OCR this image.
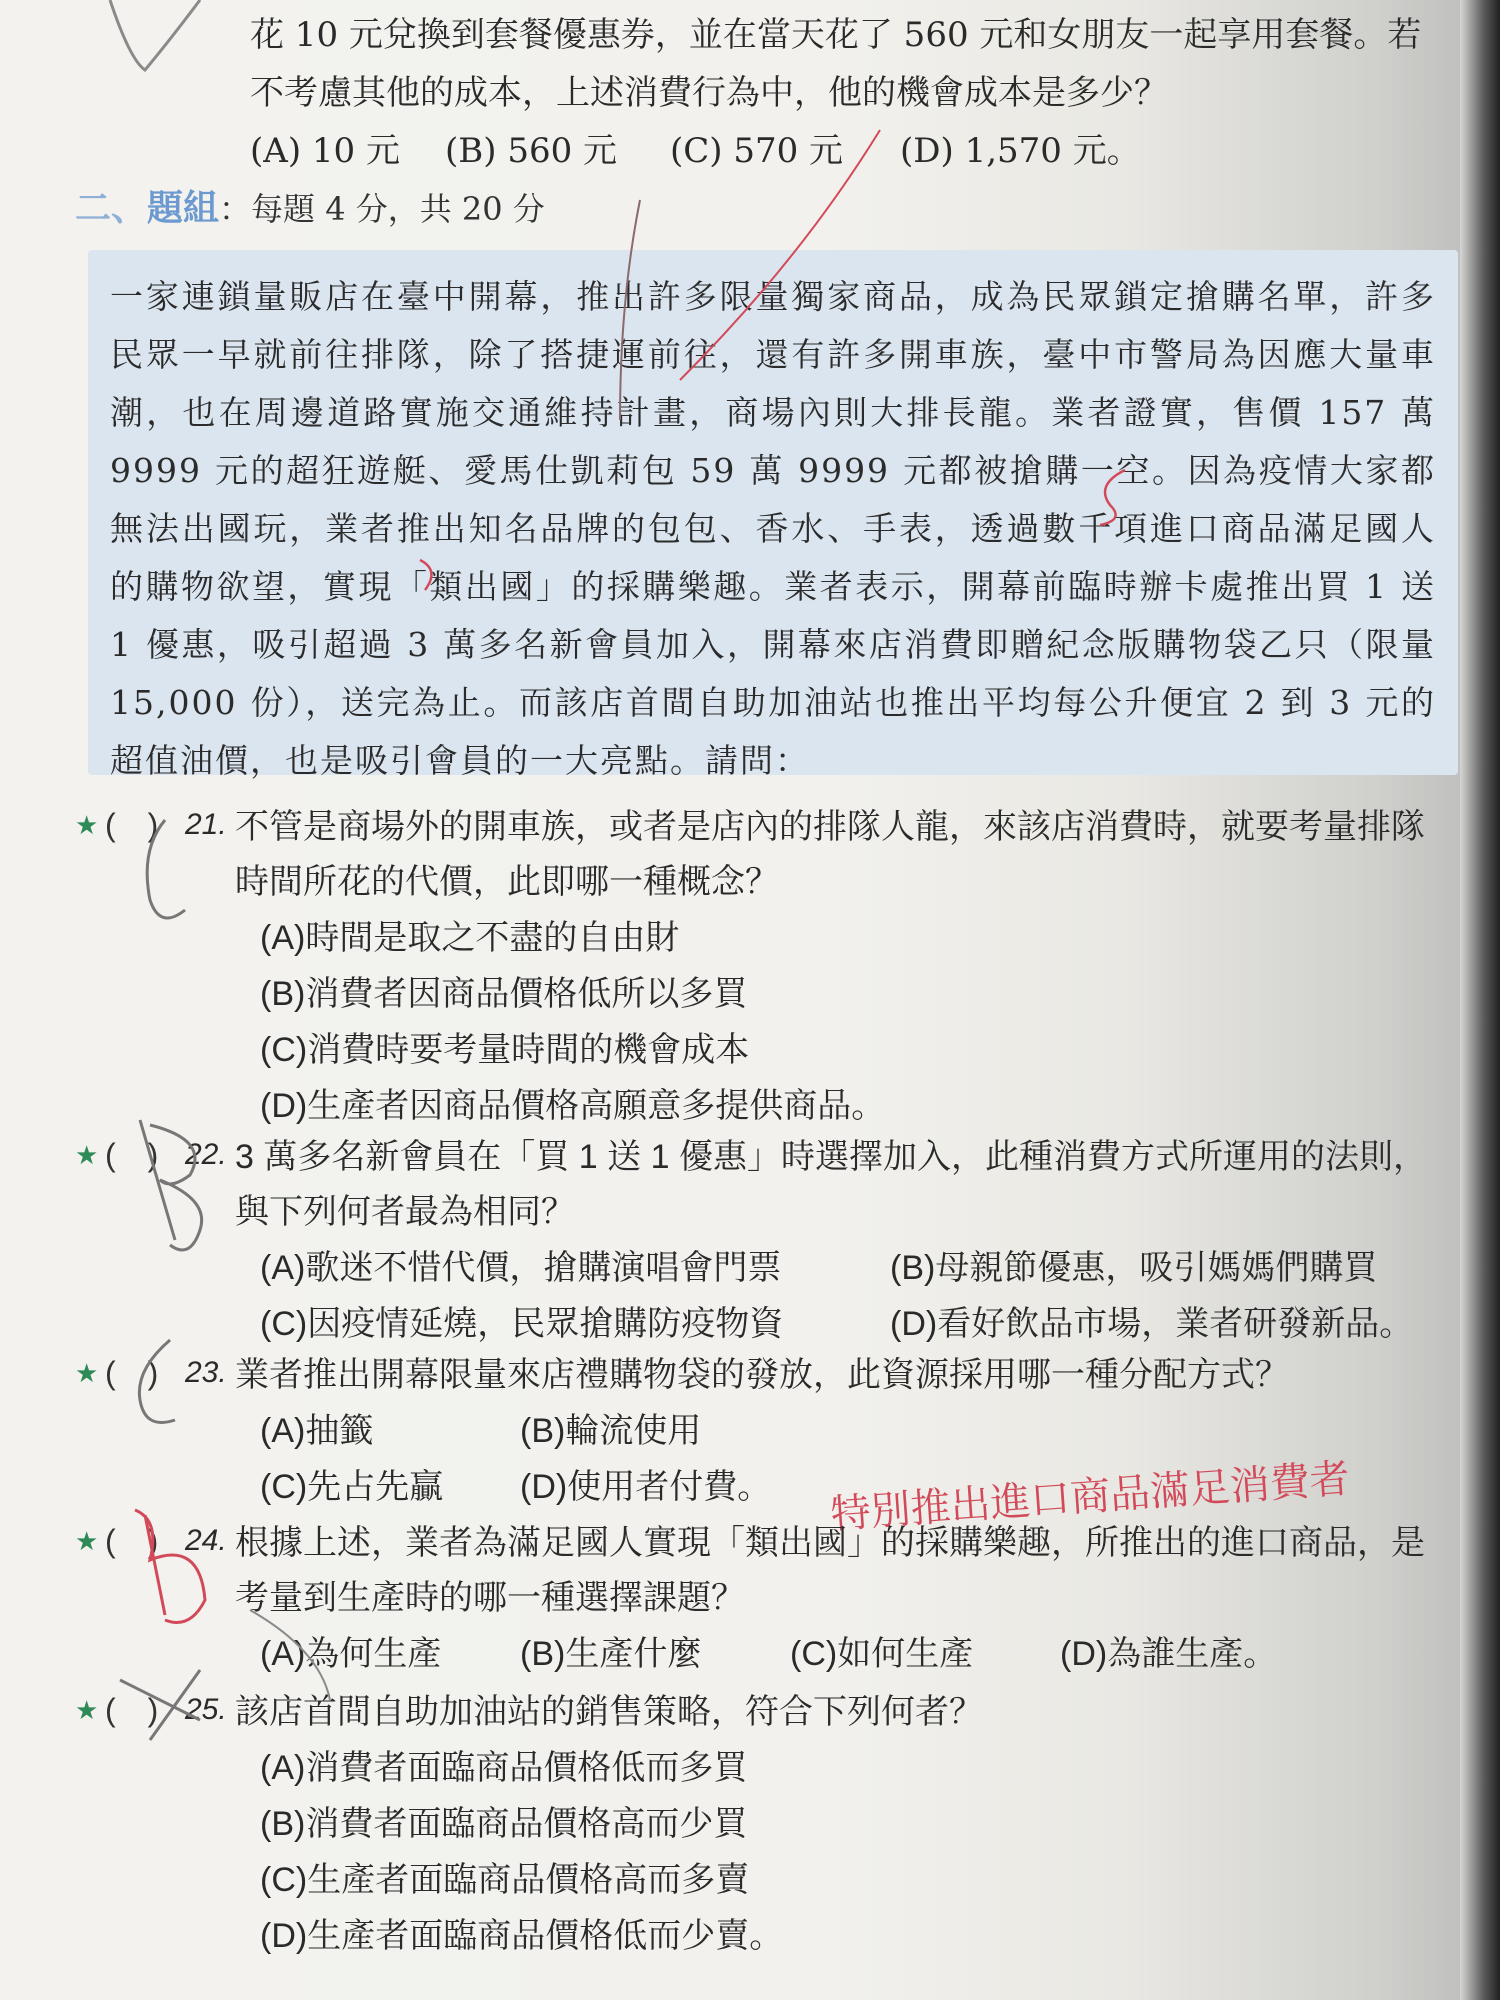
花 10 元兌換到套餐優惠券，並在當天花了 560 元和女朋友一起享用套餐。若
不考慮其他的成本，上述消費行為中，他的機會成本是多少？
(A) 10 元	(B) 560 元	(C) 570 元	(D) 1,570 元。
二、題組：每題 4 分，共 20 分

一家連鎖量販店在臺中開幕，推出許多限量獨家商品，成為民眾鎖定搶購名單，許多民眾一早就前往排隊，除了搭捷運前往，還有許多開車族，臺中市警局為因應大量車潮，也在周邊道路實施交通維持計畫，商場內則大排長龍。業者證實，售價 157 萬 9999 元的超狂遊艇、愛馬仕凱莉包 59 萬 9999 元都被搶購一空。因為疫情大家都無法出國玩，業者推出知名品牌的包包、香水、手表，透過數千項進口商品滿足國人的購物欲望，實現「類出國」的採購樂趣。業者表示，開幕前臨時辦卡處推出買 1 送 1 優惠，吸引超過 3 萬多名新會員加入，開幕來店消費即贈紀念版購物袋乙只（限量 15,000 份），送完為止。而該店首間自助加油站也推出平均每公升便宜 2 到 3 元的超值油價，也是吸引會員的一大亮點。請問：

★ (　) 21. 不管是商場外的開車族，或者是店內的排隊人龍，來該店消費時，就要考量排隊時間所花的代價，此即哪一種概念？
(A)時間是取之不盡的自由財
(B)消費者因商品價格低所以多買
(C)消費時要考量時間的機會成本
(D)生產者因商品價格高願意多提供商品。
★ (　) 22. 3 萬多名新會員在「買 1 送 1 優惠」時選擇加入，此種消費方式所運用的法則，與下列何者最為相同？
(A)歌迷不惜代價，搶購演唱會門票	(B)母親節優惠，吸引媽媽們購買
(C)因疫情延燒，民眾搶購防疫物資	(D)看好飲品市場，業者研發新品。
★ (　) 23. 業者推出開幕限量來店禮購物袋的發放，此資源採用哪一種分配方式？
(A)抽籤	(B)輪流使用
(C)先占先贏	(D)使用者付費。 特別推出進口商品滿足消費者
★ (　) 24. 根據上述，業者為滿足國人實現「類出國」的採購樂趣，所推出的進口商品，是考量到生產時的哪一種選擇課題？
(A)為何生產	(B)生產什麼	(C)如何生產	(D)為誰生產。
★ (　) 25. 該店首間自助加油站的銷售策略，符合下列何者？
(A)消費者面臨商品價格低而多買
(B)消費者面臨商品價格高而少買
(C)生產者面臨商品價格高而多賣
(D)生產者面臨商品價格低而少賣。
